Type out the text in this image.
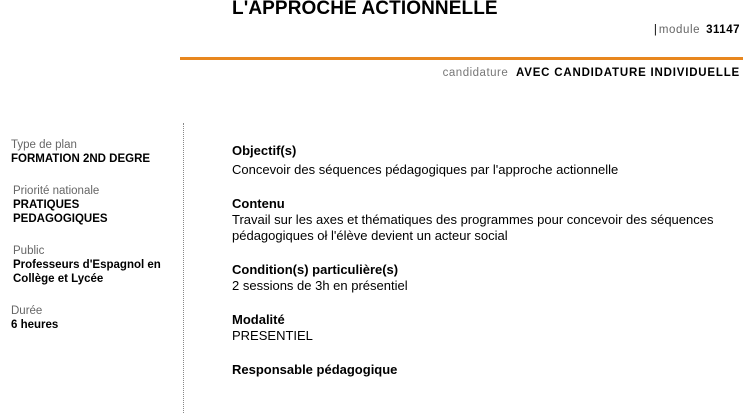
L'APPROCHE ACTIONNELLE
| module 31147
candidature AVEC CANDIDATURE INDIVIDUELLE
Type de plan
FORMATION 2ND DEGRE
Priorité nationale
PRATIQUES PEDAGOGIQUES
Public
Professeurs d'Espagnol en Collège et Lycée
Durée
6 heures
Objectif(s)
Concevoir des séquences pédagogiques par l'approche actionnelle
Contenu
Travail sur les axes et thématiques des programmes pour concevoir des séquences pédagogiques oł l'élève devient un acteur social
Condition(s) particulière(s)
2 sessions de 3h en présentiel
Modalité
PRESENTIEL
Responsable pédagogique
